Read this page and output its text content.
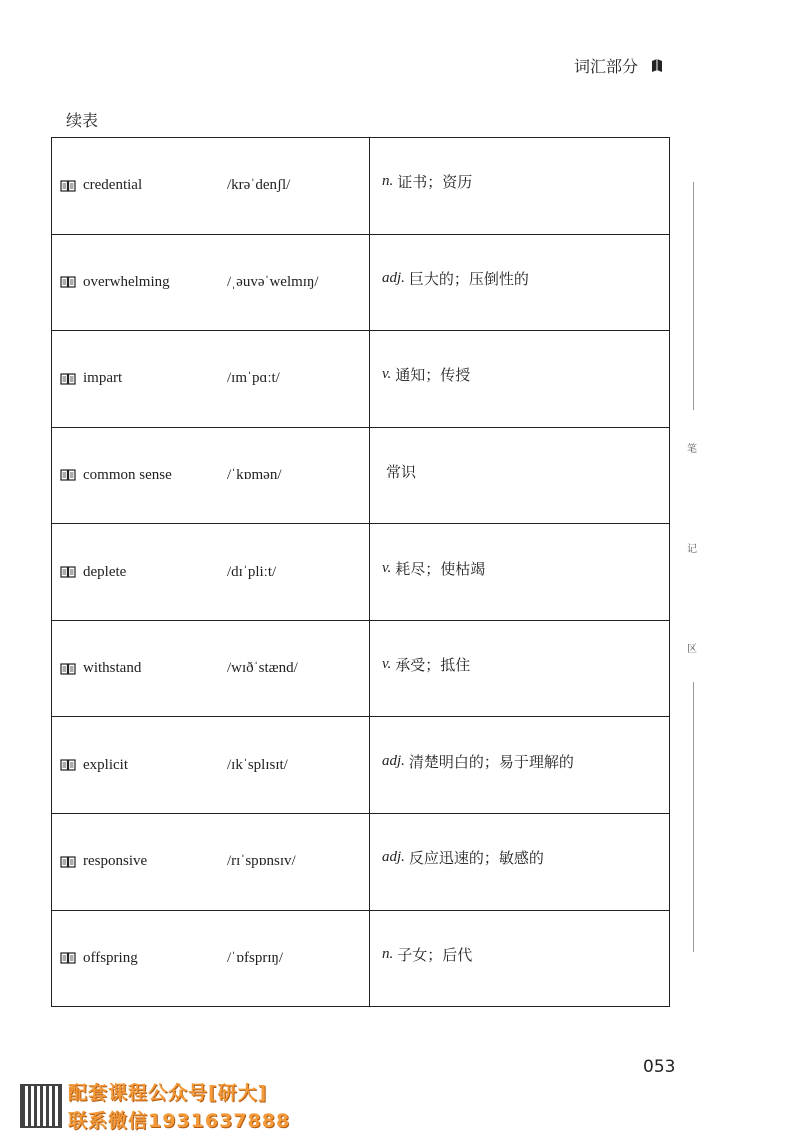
词汇部分
续表
credential	/krəˈdenʃl/	n. 证书；资历
overwhelming	/ˌəuvəˈwelmɪŋ/	adj. 巨大的；压倒性的
impart	/ɪmˈpɑːt/	v. 通知；传授
common sense	/ˈkɒmən/	常识
deplete	/dɪˈpliːt/	v. 耗尽；使枯竭
withstand	/wɪðˈstænd/	v. 承受；抵住
explicit	/ɪkˈsplɪsɪt/	adj. 清楚明白的；易于理解的
responsive	/rɪˈspɒnsɪv/	adj. 反应迅速的；敏感的
offspring	/ˈɒfsprɪŋ/	n. 子女；后代
笔
记
区
053
配套课程公众号[研大]
联系微信1931637888
